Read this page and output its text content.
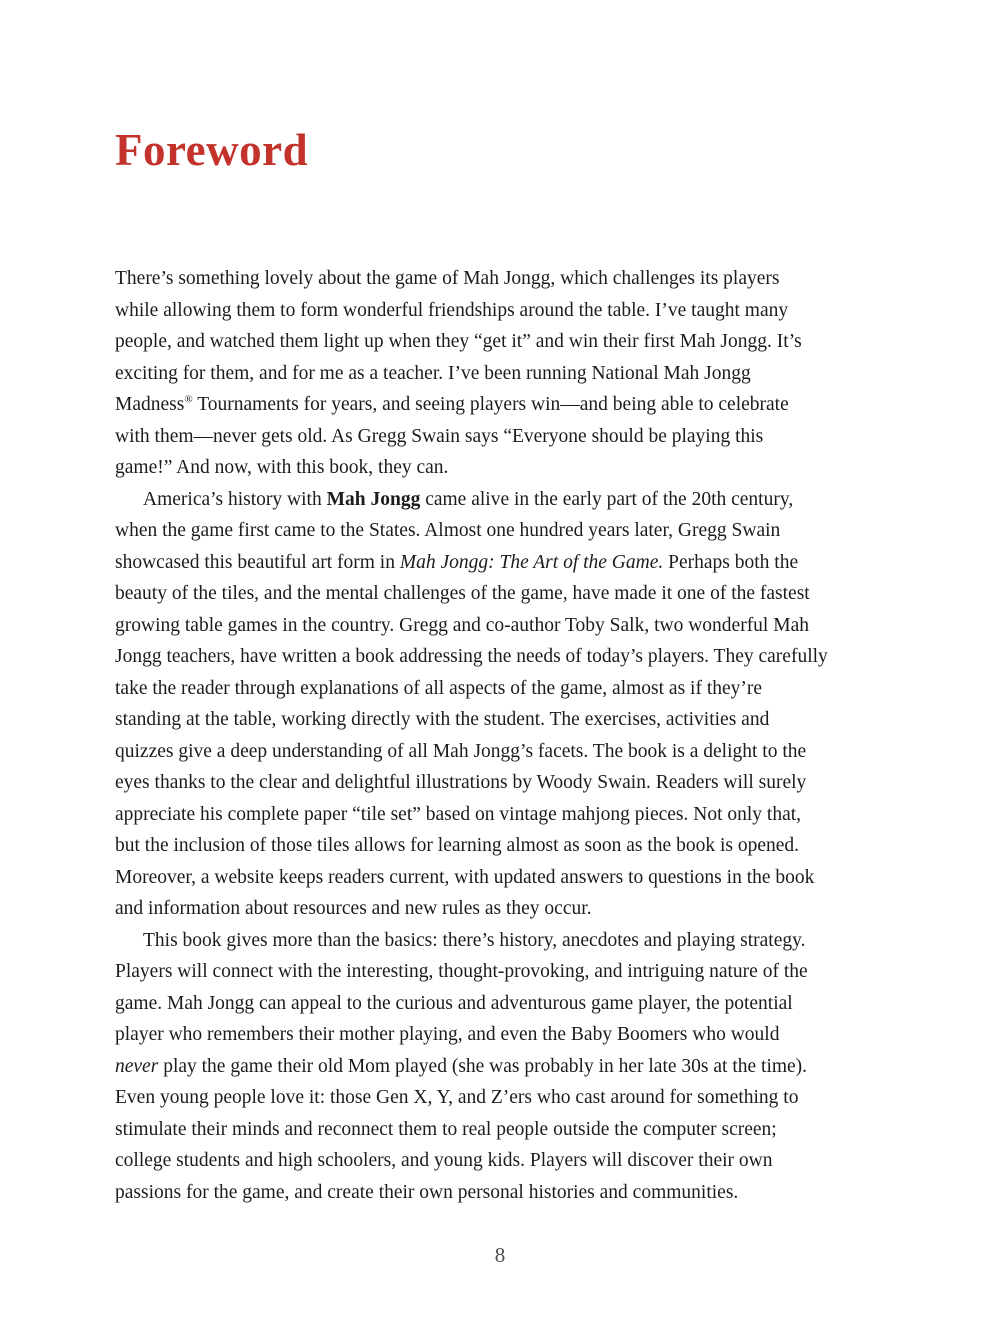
Foreword
There’s something lovely about the game of Mah Jongg, which challenges its players
while allowing them to form wonderful friendships around the table. I’ve taught many
people, and watched them light up when they “get it” and win their first Mah Jongg. It’s
exciting for them, and for me as a teacher. I’ve been running National Mah Jongg
Madness® Tournaments for years, and seeing players win—and being able to celebrate
with them—never gets old. As Gregg Swain says “Everyone should be playing this
game!” And now, with this book, they can.
America’s history with Mah Jongg came alive in the early part of the 20th century,
when the game first came to the States. Almost one hundred years later, Gregg Swain
showcased this beautiful art form in Mah Jongg: The Art of the Game. Perhaps both the
beauty of the tiles, and the mental challenges of the game, have made it one of the fastest
growing table games in the country. Gregg and co-author Toby Salk, two wonderful Mah
Jongg teachers, have written a book addressing the needs of today’s players. They carefully
take the reader through explanations of all aspects of the game, almost as if they’re
standing at the table, working directly with the student. The exercises, activities and
quizzes give a deep understanding of all Mah Jongg’s facets. The book is a delight to the
eyes thanks to the clear and delightful illustrations by Woody Swain. Readers will surely
appreciate his complete paper “tile set” based on vintage mahjong pieces. Not only that,
but the inclusion of those tiles allows for learning almost as soon as the book is opened.
Moreover, a website keeps readers current, with updated answers to questions in the book
and information about resources and new rules as they occur.
This book gives more than the basics: there’s history, anecdotes and playing strategy.
Players will connect with the interesting, thought-provoking, and intriguing nature of the
game. Mah Jongg can appeal to the curious and adventurous game player, the potential
player who remembers their mother playing, and even the Baby Boomers who would
never play the game their old Mom played (she was probably in her late 30s at the time).
Even young people love it: those Gen X, Y, and Z’ers who cast around for something to
stimulate their minds and reconnect them to real people outside the computer screen;
college students and high schoolers, and young kids. Players will discover their own
passions for the game, and create their own personal histories and communities.
8
